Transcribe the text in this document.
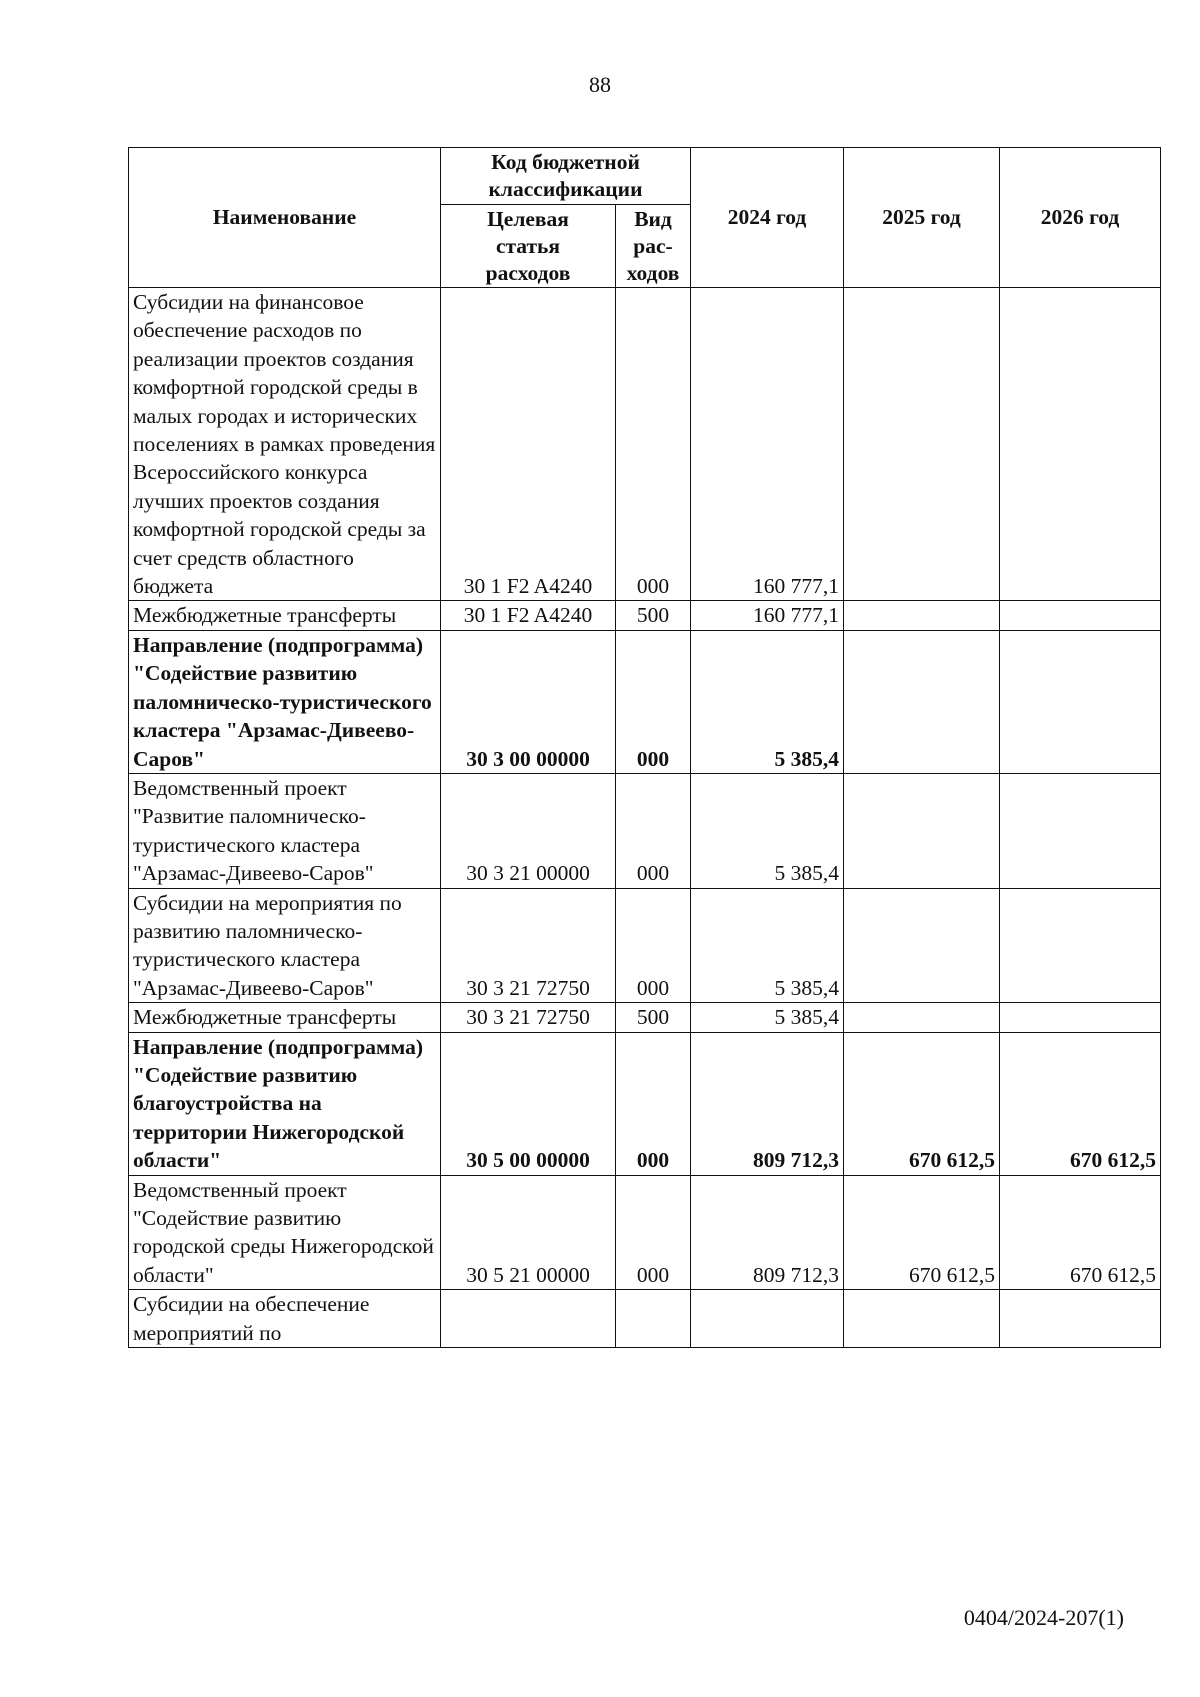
88
Наименование	Код бюджетной классификации		2024 год	2025 год	2026 год
	Целевая статья расходов	Вид рас-ходов			
Субсидии на финансовое обеспечение расходов по реализации проектов создания комфортной городской среды в малых городах и исторических поселениях в рамках проведения Всероссийского конкурса лучших проектов создания комфортной городской среды за счет средств областного бюджета	30 1 F2 A4240	000	160 777,1		
Межбюджетные трансферты	30 1 F2 A4240	500	160 777,1		
Направление (подпрограмма) "Содействие развитию паломническо-туристического кластера "Арзамас-Дивеево-Саров"	30 3 00 00000	000	5 385,4		
Ведомственный проект "Развитие паломническо-туристического кластера "Арзамас-Дивеево-Саров"	30 3 21 00000	000	5 385,4		
Субсидии на мероприятия по развитию паломническо-туристического кластера "Арзамас-Дивеево-Саров"	30 3 21 72750	000	5 385,4		
Межбюджетные трансферты	30 3 21 72750	500	5 385,4		
Направление (подпрограмма) "Содействие развитию благоустройства на территории Нижегородской области"	30 5 00 00000	000	809 712,3	670 612,5	670 612,5
Ведомственный проект "Содействие развитию городской среды Нижегородской области"	30 5 21 00000	000	809 712,3	670 612,5	670 612,5
Субсидии на обеспечение мероприятий по					
0404/2024-207(1)
